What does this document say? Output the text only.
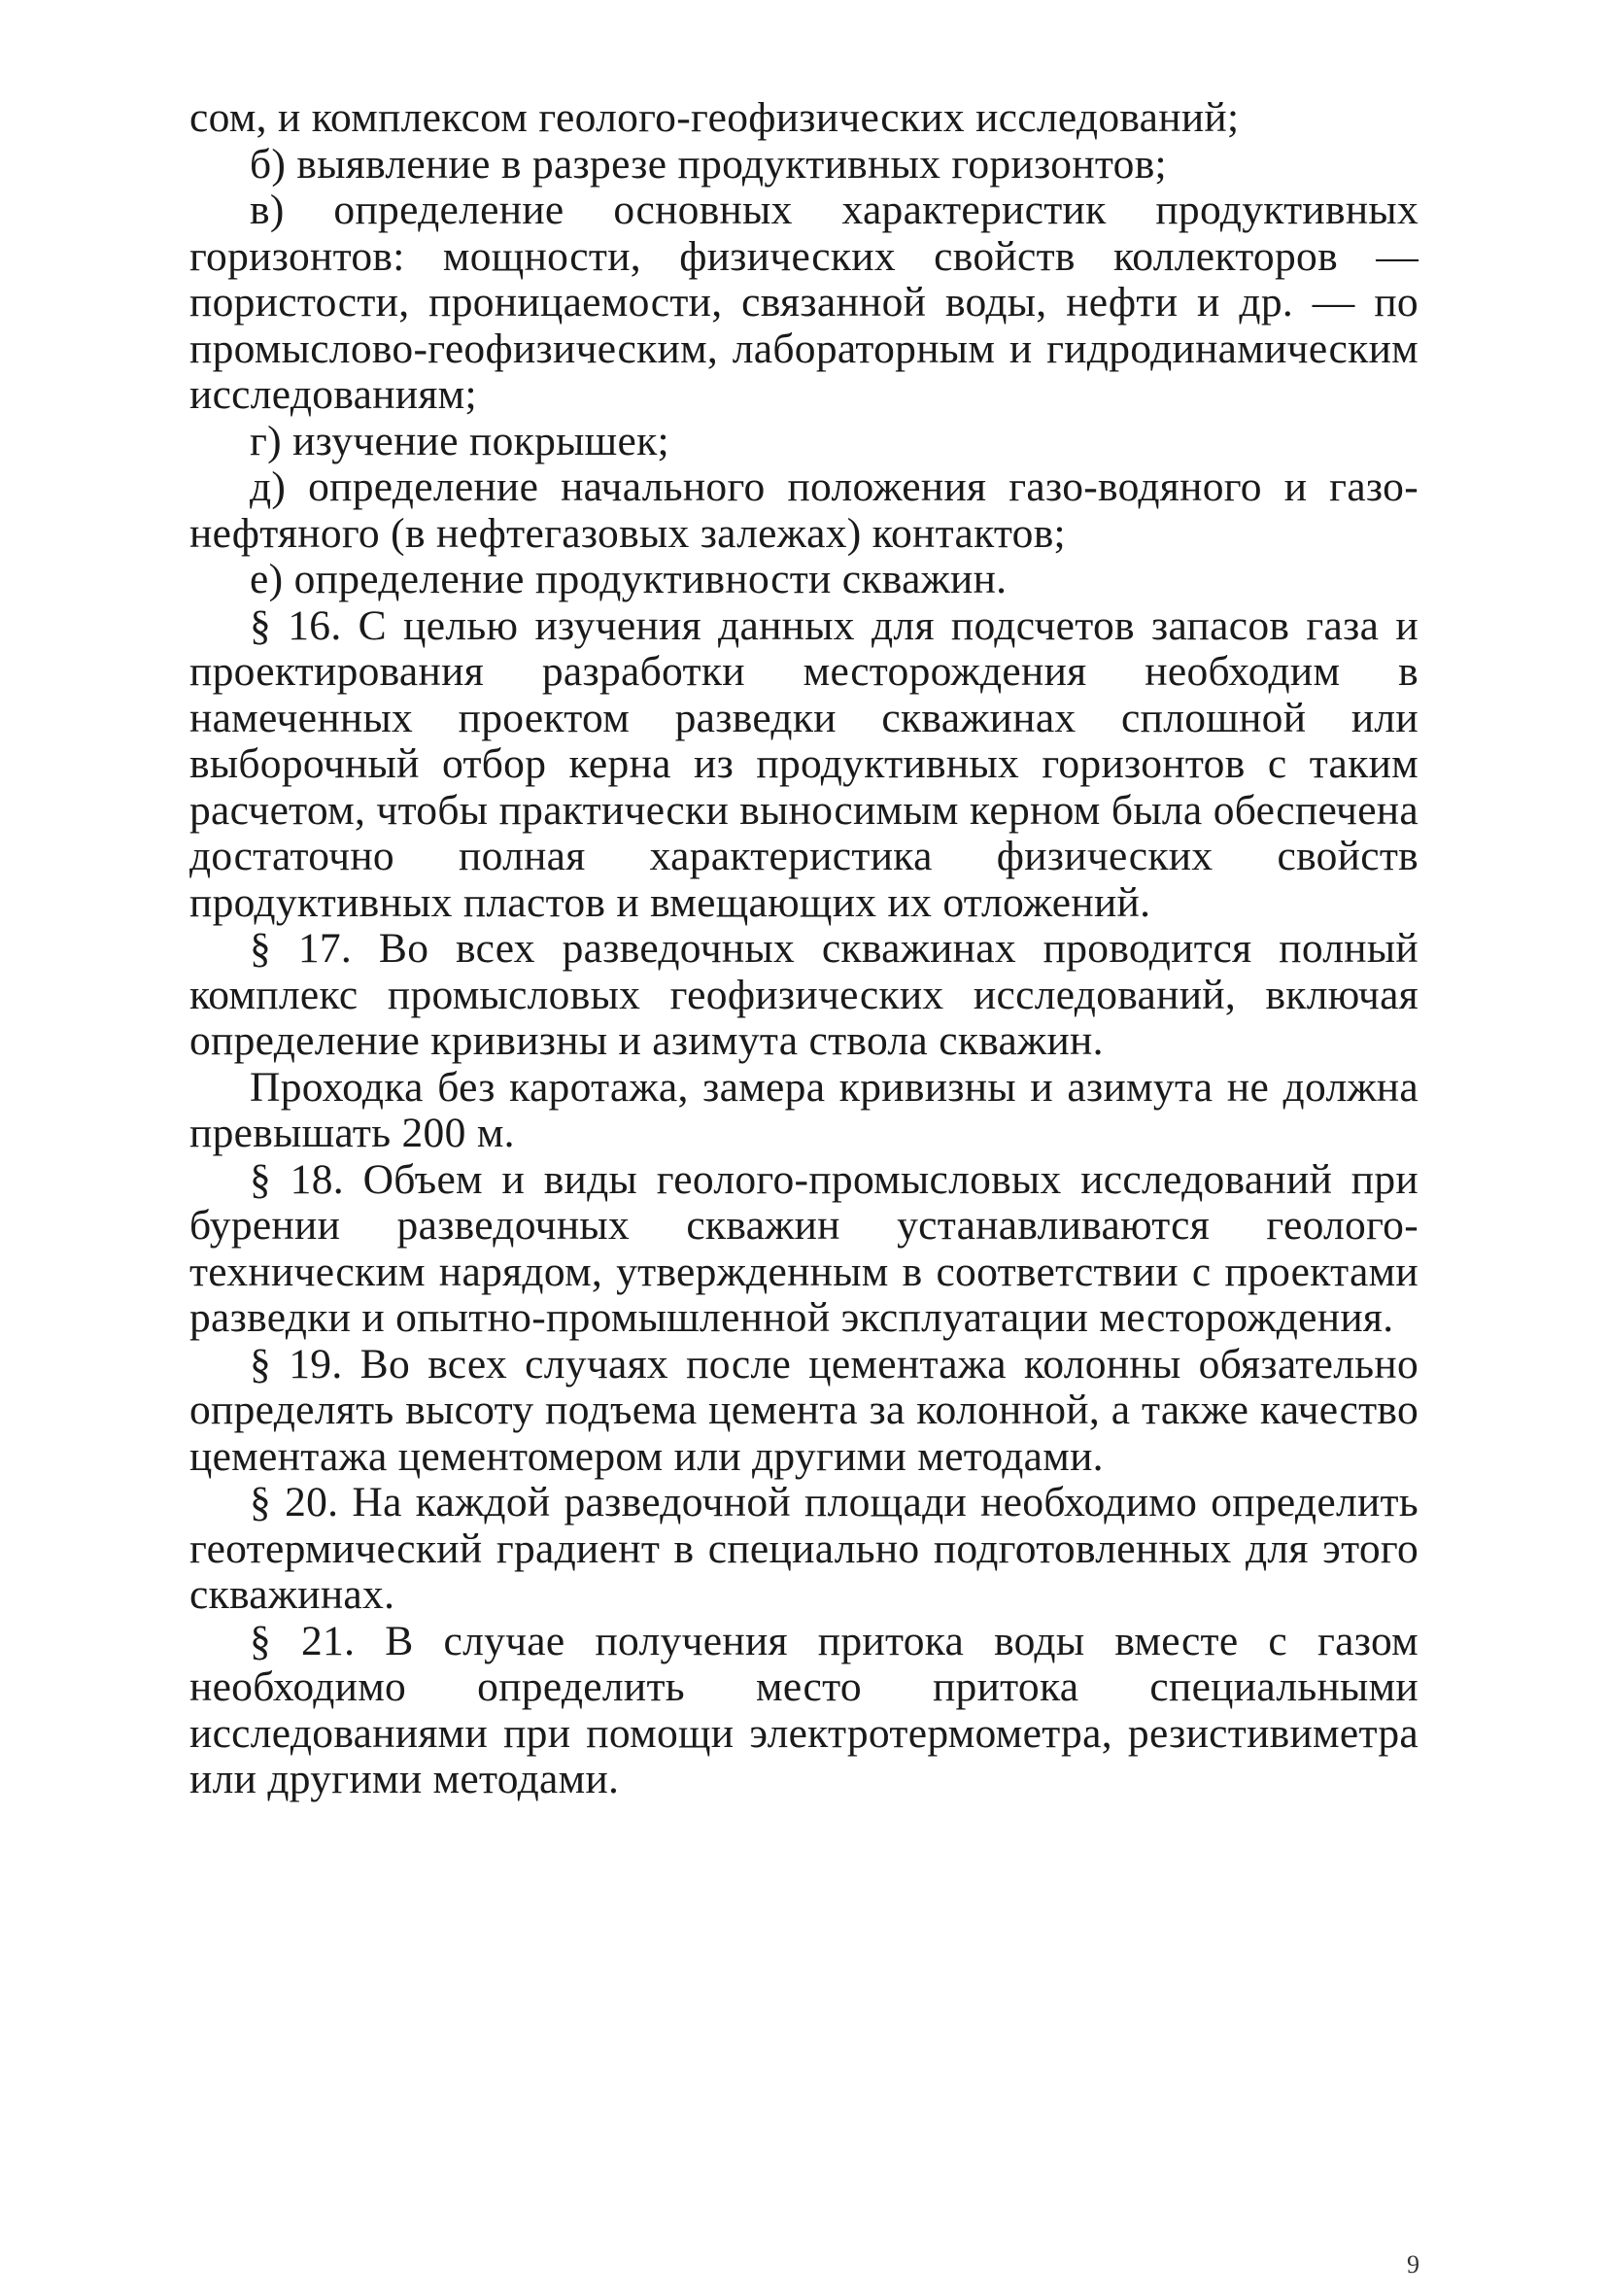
сом, и комплексом геолого-геофизических исследований;

б) выявление в разрезе продуктивных горизонтов;

в) определение основных характеристик продуктивных горизонтов: мощности, физических свойств коллекторов — пористости, проницаемости, связанной воды, нефти и др. — по промыслово-геофизическим, лабораторным и гидродинамическим исследованиям;

г) изучение покрышек;

д) определение начального положения газо-водяного и газо-нефтяного (в нефтегазовых залежах) контактов;

е) определение продуктивности скважин.

§ 16. С целью изучения данных для подсчетов запасов газа и проектирования разработки месторождения необходим в намеченных проектом разведки скважинах сплошной или выборочный отбор керна из продуктивных горизонтов с таким расчетом, чтобы практически выносимым керном была обеспечена достаточно полная характеристика физических свойств продуктивных пластов и вмещающих их отложений.

§ 17. Во всех разведочных скважинах проводится полный комплекс промысловых геофизических исследований, включая определение кривизны и азимута ствола скважин.

Проходка без каротажа, замера кривизны и азимута не должна превышать 200 м.

§ 18. Объем и виды геолого-промысловых исследований при бурении разведочных скважин устанавливаются геолого-техническим нарядом, утвержденным в соответствии с проектами разведки и опытно-промышленной эксплуатации месторождения.

§ 19. Во всех случаях после цементажа колонны обязательно определять высоту подъема цемента за колонной, а также качество цементажа цементомером или другими методами.

§ 20. На каждой разведочной площади необходимо определить геотермический градиент в специально подготовленных для этого скважинах.

§ 21. В случае получения притока воды вместе с газом необходимо определить место притока специальными исследованиями при помощи электротермометра, резистивиметра или другими методами.

9
